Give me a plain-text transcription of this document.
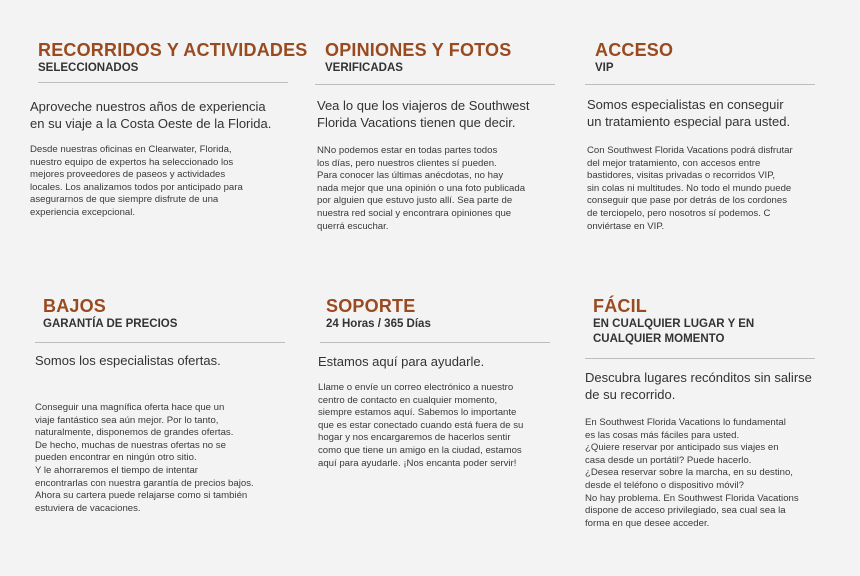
RECORRIDOS Y ACTIVIDADES
SELECCIONADOS
Aproveche nuestros años de experiencia
en su viaje a la Costa Oeste de la Florida.
Desde nuestras oficinas en Clearwater, Florida,
nuestro equipo de expertos ha seleccionado los
mejores proveedores de paseos y actividades
locales. Los analizamos todos por anticipado para
asegurarnos de que siempre disfrute de una
experiencia excepcional.
OPINIONES Y FOTOS
VERIFICADAS
Vea lo que los viajeros de Southwest
Florida Vacations tienen que decir.
NNo podemos estar en todas partes todos
los días, pero nuestros clientes sí pueden.
Para conocer las últimas anécdotas, no hay
nada mejor que una opinión o una foto publicada
por alguien que estuvo justo allí. Sea parte de
nuestra red social y encontrara opiniones que
querrá escuchar.
ACCESO
VIP
Somos especialistas en conseguir
un tratamiento especial para usted.
Con Southwest Florida Vacations podrá disfrutar
del mejor tratamiento, con accesos entre
bastidores, visitas privadas o recorridos VIP,
sin colas ni multitudes. No todo el mundo puede
conseguir que pase por detrás de los cordones
de terciopelo, pero nosotros sí podemos. C
onviértase en VIP.
BAJOS
GARANTÍA DE PRECIOS
Somos los especialistas ofertas.
Conseguir una magnífica oferta hace que un
viaje fantástico sea aún mejor. Por lo tanto,
naturalmente, disponemos de grandes ofertas.
De hecho, muchas de nuestras ofertas no se
pueden encontrar en ningún otro sitio.
Y le ahorraremos el tiempo de intentar
encontrarlas con nuestra garantía de precios bajos.
Ahora su cartera puede relajarse como si también
estuviera de vacaciones.
SOPORTE
24 Horas / 365 Días
Estamos aquí para ayudarle.
Llame o envíe un correo electrónico a nuestro
centro de contacto en cualquier momento,
siempre estamos aquí. Sabemos lo importante
que es estar conectado cuando está fuera de su
hogar y nos encargaremos de hacerlos sentir
como que tiene un amigo en la ciudad, estamos
aquí para ayudarle. ¡Nos encanta poder servir!
FÁCIL
EN CUALQUIER LUGAR Y EN
CUALQUIER MOMENTO
Descubra lugares recónditos sin salirse
de su recorrido.
En Southwest Florida Vacations lo fundamental
es las cosas más fáciles para usted.
¿Quiere reservar por anticipado sus viajes en
casa desde un portátil? Puede hacerlo.
¿Desea reservar sobre la marcha, en su destino,
desde el teléfono o dispositivo móvil?
No hay problema. En Southwest Florida Vacations
dispone de acceso privilegiado, sea cual sea la
forma en que desee acceder.
